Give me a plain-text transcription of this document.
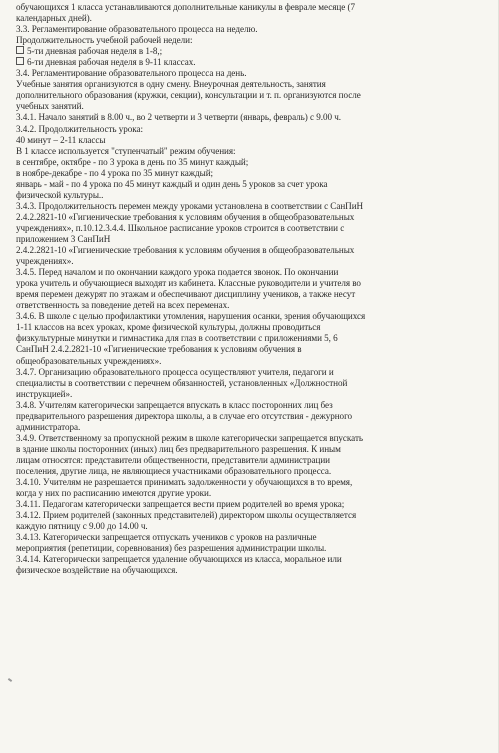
обучающихся 1 класса устанавливаются дополнительные каникулы в феврале месяце (7
календарных дней).
3.3. Регламентирование образовательного процесса на неделю.
Продолжительность учебной рабочей недели:
5-ти дневная рабочая неделя в 1-8,;
6-ти дневная рабочая неделя в 9-11 классах.
3.4. Регламентирование образовательного процесса на день.
Учебные занятия организуются в одну смену. Внеурочная деятельность, занятия
дополнительного образования (кружки, секции), консультации и т. п. организуются после
учебных занятий.
3.4.1. Начало занятий в 8.00 ч., во 2 четверти и 3 четверти (январь, февраль) с 9.00 ч.
3.4.2. Продолжительность урока:
40 минут – 2-11 классы
В 1 классе используется "ступенчатый" режим обучения:
в сентябре, октябре - по 3 урока в день по 35 минут каждый;
в ноябре-декабре - по 4 урока по 35 минут каждый;
январь - май - по 4 урока по 45 минут каждый и один день 5 уроков за счет урока
физической культуры..
3.4.3. Продолжительность перемен между уроками установлена в соответствии с СанПиН
2.4.2.2821-10 «Гигиенические требования к условиям обучения в общеобразовательных
учреждениях», п.10.12.3.4.4. Школьное расписание уроков строится в соответствии с
приложением 3 СанПиН
2.4.2.2821-10 «Гигиенические требования к условиям обучения в общеобразовательных
учреждениях».
3.4.5. Перед началом и по окончании каждого урока подается звонок. По окончании
урока учитель и обучающиеся выходят из кабинета. Классные руководители и учителя во
время перемен дежурят по этажам и обеспечивают дисциплину учеников, а также несут
ответственность за поведение детей на всех переменах.
3.4.6. В школе с целью профилактики утомления, нарушения осанки, зрения обучающихся
1-11 классов на всех уроках, кроме физической культуры, должны проводиться
физкультурные минутки и гимнастика для глаз в соответствии с приложениями 5, 6
СанПиН 2.4.2.2821-10 «Гигиенические требования к условиям обучения в
общеобразовательных учреждениях».
3.4.7. Организацию образовательного процесса осуществляют учителя, педагоги и
специалисты в соответствии с перечнем обязанностей, установленных «Должностной
инструкцией».
3.4.8. Учителям категорически запрещается впускать в класс посторонних лиц без
предварительного разрешения директора школы, а в случае его отсутствия - дежурного
администратора.
3.4.9. Ответственному за пропускной режим в школе категорически запрещается впускать
в здание школы посторонних (иных) лиц без предварительного разрешения. К иным
лицам относятся: представители общественности, представители администрации
поселения, другие лица, не являющиеся участниками образовательного процесса.
3.4.10. Учителям не разрешается принимать задолженности у обучающихся в то время,
когда у них по расписанию имеются другие уроки.
3.4.11. Педагогам категорически запрещается вести прием родителей во время урока;
3.4.12. Прием родителей (законных представителей) директором школы осуществляется
каждую пятницу с 9.00 до 14.00 ч.
3.4.13. Категорически запрещается отпускать учеников с уроков на различные
мероприятия (репетиции, соревнования) без разрешения администрации школы.
3.4.14. Категорически запрещается удаление обучающихся из класса, моральное или
физическое воздействие на обучающихся.
